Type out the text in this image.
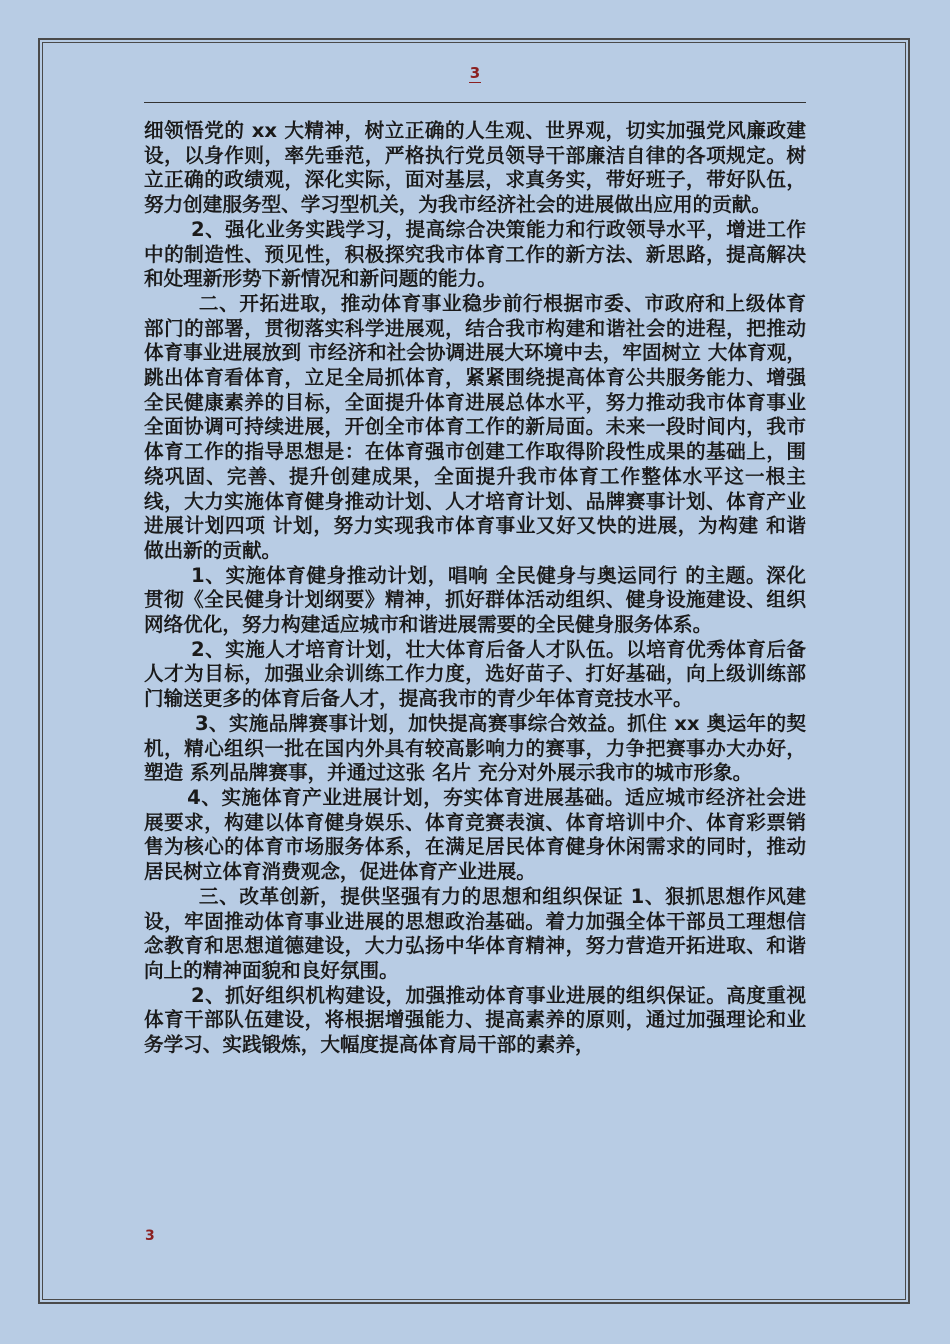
3

细领悟党的 xx 大精神，树立正确的人生观、世界观，切实加强党风廉政建设，以身作则，率先垂范，严格执行党员领导干部廉洁自律的各项规定。树立正确的政绩观，深化实际，面对基层，求真务实，带好班子，带好队伍，努力创建服务型、学习型机关，为我市经济社会的进展做出应用的贡献。

2、强化业务实践学习，提高综合决策能力和行政领导水平，增进工作中的制造性、预见性，积极探究我市体育工作的新方法、新思路，提高解决和处理新形势下新情况和新问题的能力。

二、开拓进取，推动体育事业稳步前行根据市委、市政府和上级体育部门的部署，贯彻落实科学进展观，结合我市构建和谐社会的进程，把推动体育事业进展放到 市经济和社会协调进展大环境中去，牢固树立 大体育观，跳出体育看体育，立足全局抓体育，紧紧围绕提高体育公共服务能力、增强全民健康素养的目标，全面提升体育进展总体水平，努力推动我市体育事业全面协调可持续进展，开创全市体育工作的新局面。未来一段时间内，我市体育工作的指导思想是：在体育强市创建工作取得阶段性成果的基础上，围绕巩固、完善、提升创建成果，全面提升我市体育工作整体水平这一根主线，大力实施体育健身推动计划、人才培育计划、品牌赛事计划、体育产业进展计划四项 计划，努力实现我市体育事业又好又快的进展，为构建 和谐 做出新的贡献。

1、实施体育健身推动计划，唱响 全民健身与奥运同行 的主题。深化贯彻《全民健身计划纲要》精神，抓好群体活动组织、健身设施建设、组织网络优化，努力构建适应城市和谐进展需要的全民健身服务体系。

2、实施人才培育计划，壮大体育后备人才队伍。以培育优秀体育后备人才为目标，加强业余训练工作力度，选好苗子、打好基础，向上级训练部门输送更多的体育后备人才，提高我市的青少年体育竞技水平。

3、实施品牌赛事计划，加快提高赛事综合效益。抓住 xx 奥运年的契机，精心组织一批在国内外具有较高影响力的赛事，力争把赛事办大办好，塑造 系列品牌赛事，并通过这张 名片 充分对外展示我市的城市形象。

4、实施体育产业进展计划，夯实体育进展基础。适应城市经济社会进展要求，构建以体育健身娱乐、体育竞赛表演、体育培训中介、体育彩票销售为核心的体育市场服务体系，在满足居民体育健身休闲需求的同时，推动居民树立体育消费观念，促进体育产业进展。

三、改革创新，提供坚强有力的思想和组织保证 1、狠抓思想作风建设，牢固推动体育事业进展的思想政治基础。着力加强全体干部员工理想信念教育和思想道德建设，大力弘扬中华体育精神，努力营造开拓进取、和谐向上的精神面貌和良好氛围。

2、抓好组织机构建设，加强推动体育事业进展的组织保证。高度重视体育干部队伍建设，将根据增强能力、提高素养的原则，通过加强理论和业务学习、实践锻炼，大幅度提高体育局干部的素养，

3
